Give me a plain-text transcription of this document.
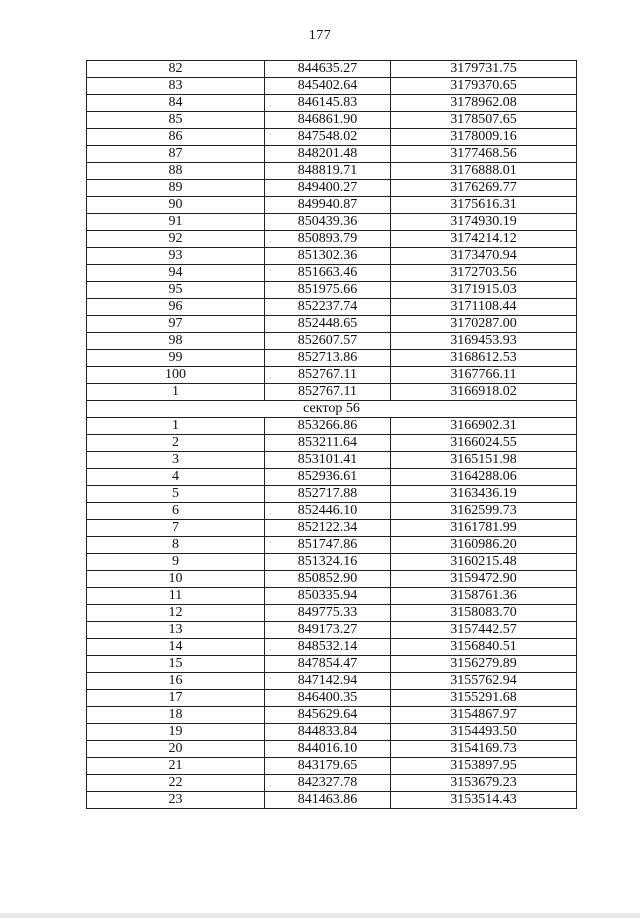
177
82	844635.27	3179731.75
83	845402.64	3179370.65
84	846145.83	3178962.08
85	846861.90	3178507.65
86	847548.02	3178009.16
87	848201.48	3177468.56
88	848819.71	3176888.01
89	849400.27	3176269.77
90	849940.87	3175616.31
91	850439.36	3174930.19
92	850893.79	3174214.12
93	851302.36	3173470.94
94	851663.46	3172703.56
95	851975.66	3171915.03
96	852237.74	3171108.44
97	852448.65	3170287.00
98	852607.57	3169453.93
99	852713.86	3168612.53
100	852767.11	3167766.11
1	852767.11	3166918.02
сектор 56		
1	853266.86	3166902.31
2	853211.64	3166024.55
3	853101.41	3165151.98
4	852936.61	3164288.06
5	852717.88	3163436.19
6	852446.10	3162599.73
7	852122.34	3161781.99
8	851747.86	3160986.20
9	851324.16	3160215.48
10	850852.90	3159472.90
11	850335.94	3158761.36
12	849775.33	3158083.70
13	849173.27	3157442.57
14	848532.14	3156840.51
15	847854.47	3156279.89
16	847142.94	3155762.94
17	846400.35	3155291.68
18	845629.64	3154867.97
19	844833.84	3154493.50
20	844016.10	3154169.73
21	843179.65	3153897.95
22	842327.78	3153679.23
23	841463.86	3153514.43
